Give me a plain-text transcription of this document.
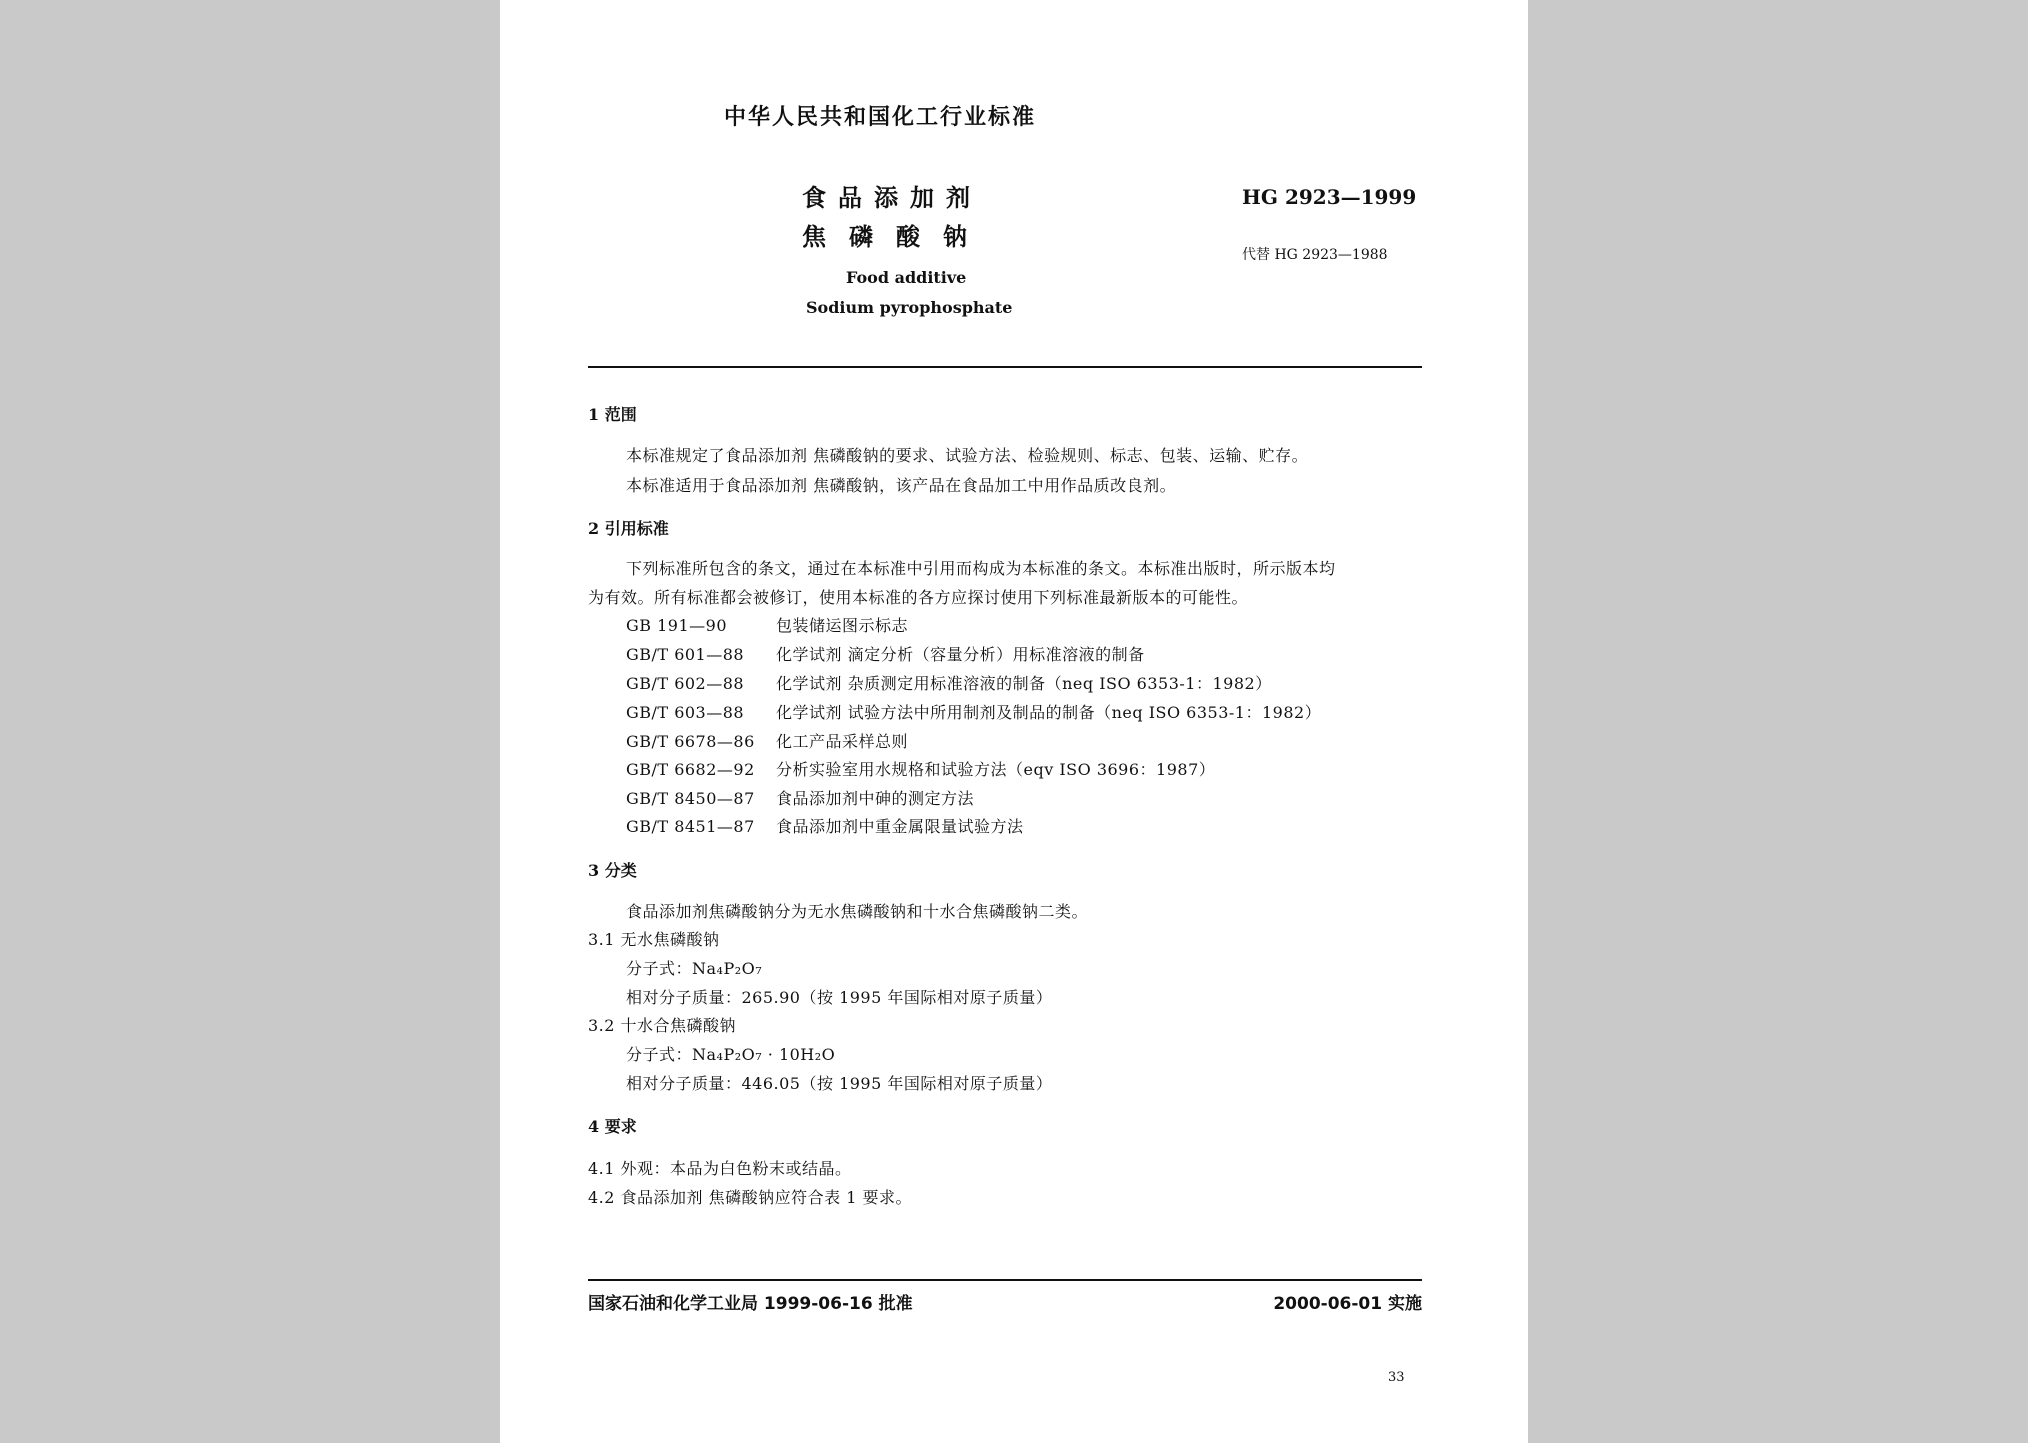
中华人民共和国化工行业标准
食品添加剂
焦磷酸钠
HG 2923—1999
代替 HG 2923—1988
Food additive
Sodium pyrophosphate
1 范围
本标准规定了食品添加剂 焦磷酸钠的要求、试验方法、检验规则、标志、包装、运输、贮存。
本标准适用于食品添加剂 焦磷酸钠，该产品在食品加工中用作品质改良剂。
2 引用标准
下列标准所包含的条文，通过在本标准中引用而构成为本标准的条文。本标准出版时，所示版本均
为有效。所有标准都会被修订，使用本标准的各方应探讨使用下列标准最新版本的可能性。
GB 191—90	包装储运图示标志
GB/T 601—88 化学试剂 滴定分析（容量分析）用标准溶液的制备
GB/T 602—88 化学试剂 杂质测定用标准溶液的制备（neq ISO 6353-1：1982）
GB/T 603—88 化学试剂 试验方法中所用制剂及制品的制备（neq ISO 6353-1：1982）
GB/T 6678—86 化工产品采样总则
GB/T 6682—92 分析实验室用水规格和试验方法（eqv ISO 3696：1987）
GB/T 8450—87 食品添加剂中砷的测定方法
GB/T 8451—87 食品添加剂中重金属限量试验方法
3 分类
食品添加剂焦磷酸钠分为无水焦磷酸钠和十水合焦磷酸钠二类。
3.1 无水焦磷酸钠
分子式：Na₄P₂O₇
相对分子质量：265.90（按 1995 年国际相对原子质量）
3.2 十水合焦磷酸钠
分子式：Na₄P₂O₇ · 10H₂O
相对分子质量：446.05（按 1995 年国际相对原子质量）
4 要求
4.1 外观：本品为白色粉末或结晶。
4.2 食品添加剂 焦磷酸钠应符合表 1 要求。
国家石油和化学工业局 1999-06-16 批准	2000-06-01 实施
33
